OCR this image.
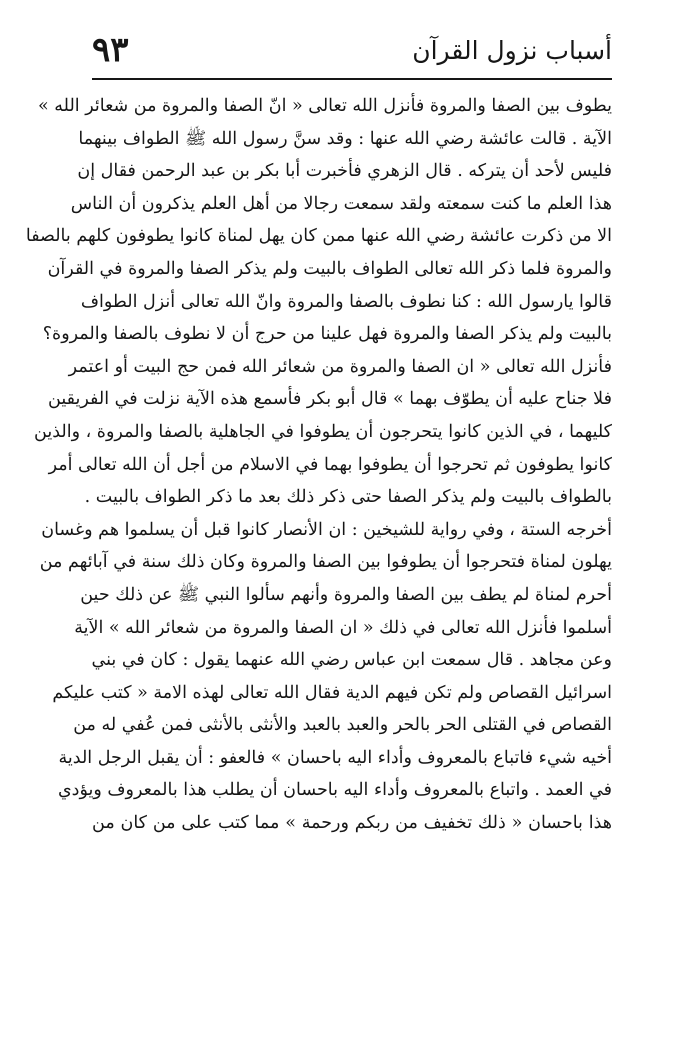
٩٣	أسباب نزول القرآن
يطوف بين الصفا والمروة فأنزل الله تعالى « انّ الصفا والمروة من شعائر الله »
الآية . قالت عائشة رضي الله عنها : وقد سنَّ رسول الله ﷺ الطواف بينهما
فليس لأحد أن يتركه . قال الزهري فأخبرت أبا بكر بن عبد الرحمن فقال إن
هذا العلم ما كنت سمعته ولقد سمعت رجالا من أهل العلم يذكرون أن الناس
الا من ذكرت عائشة رضي الله عنها ممن كان يهل لمناة كانوا يطوفون كلهم بالصفا
والمروة فلما ذكر الله تعالى الطواف بالبيت ولم يذكر الصفا والمروة في القرآن
قالوا يارسول الله : كنا نطوف بالصفا والمروة وانّ الله تعالى أنزل الطواف
بالبيت ولم يذكر الصفا والمروة فهل علينا من حرج أن لا نطوف بالصفا والمروة؟
فأنزل الله تعالى « ان الصفا والمروة من شعائر الله فمن حج البيت أو اعتمر
فلا جناح عليه أن يطوّف بهما » قال أبو بكر فأسمع هذه الآية نزلت في الفريقين
كليهما ، في الذين كانوا يتحرجون أن يطوفوا في الجاهلية بالصفا والمروة ، والذين
كانوا يطوفون ثم تحرجوا أن يطوفوا بهما في الاسلام من أجل أن الله تعالى أمر
بالطواف بالبيت ولم يذكر الصفا حتى ذكر ذلك بعد ما ذكر الطواف بالبيت .
أخرجه الستة ، وفي رواية للشيخين : ان الأنصار كانوا قبل أن يسلموا هم وغسان
يهلون لمناة فتحرجوا أن يطوفوا بين الصفا والمروة وكان ذلك سنة في آبائهم من
أحرم لمناة لم يطف بين الصفا والمروة وأنهم سألوا النبي ﷺ عن ذلك حين
أسلموا فأنزل الله تعالى في ذلك « ان الصفا والمروة من شعائر الله » الآية
وعن مجاهد . قال سمعت ابن عباس رضي الله عنهما يقول : كان في بني
اسرائيل القصاص ولم تكن فيهم الدية فقال الله تعالى لهذه الامة « كتب عليكم
القصاص في القتلى الحر بالحر والعبد بالعبد والأنثى بالأنثى فمن عُفي له من
أخيه شيء فاتباع بالمعروف وأداء اليه باحسان » فالعفو : أن يقبل الرجل الدية
في العمد . واتباع بالمعروف وأداء اليه باحسان أن يطلب هذا بالمعروف ويؤدي
هذا باحسان « ذلك تخفيف من ربكم ورحمة » مما كتب على من كان من
